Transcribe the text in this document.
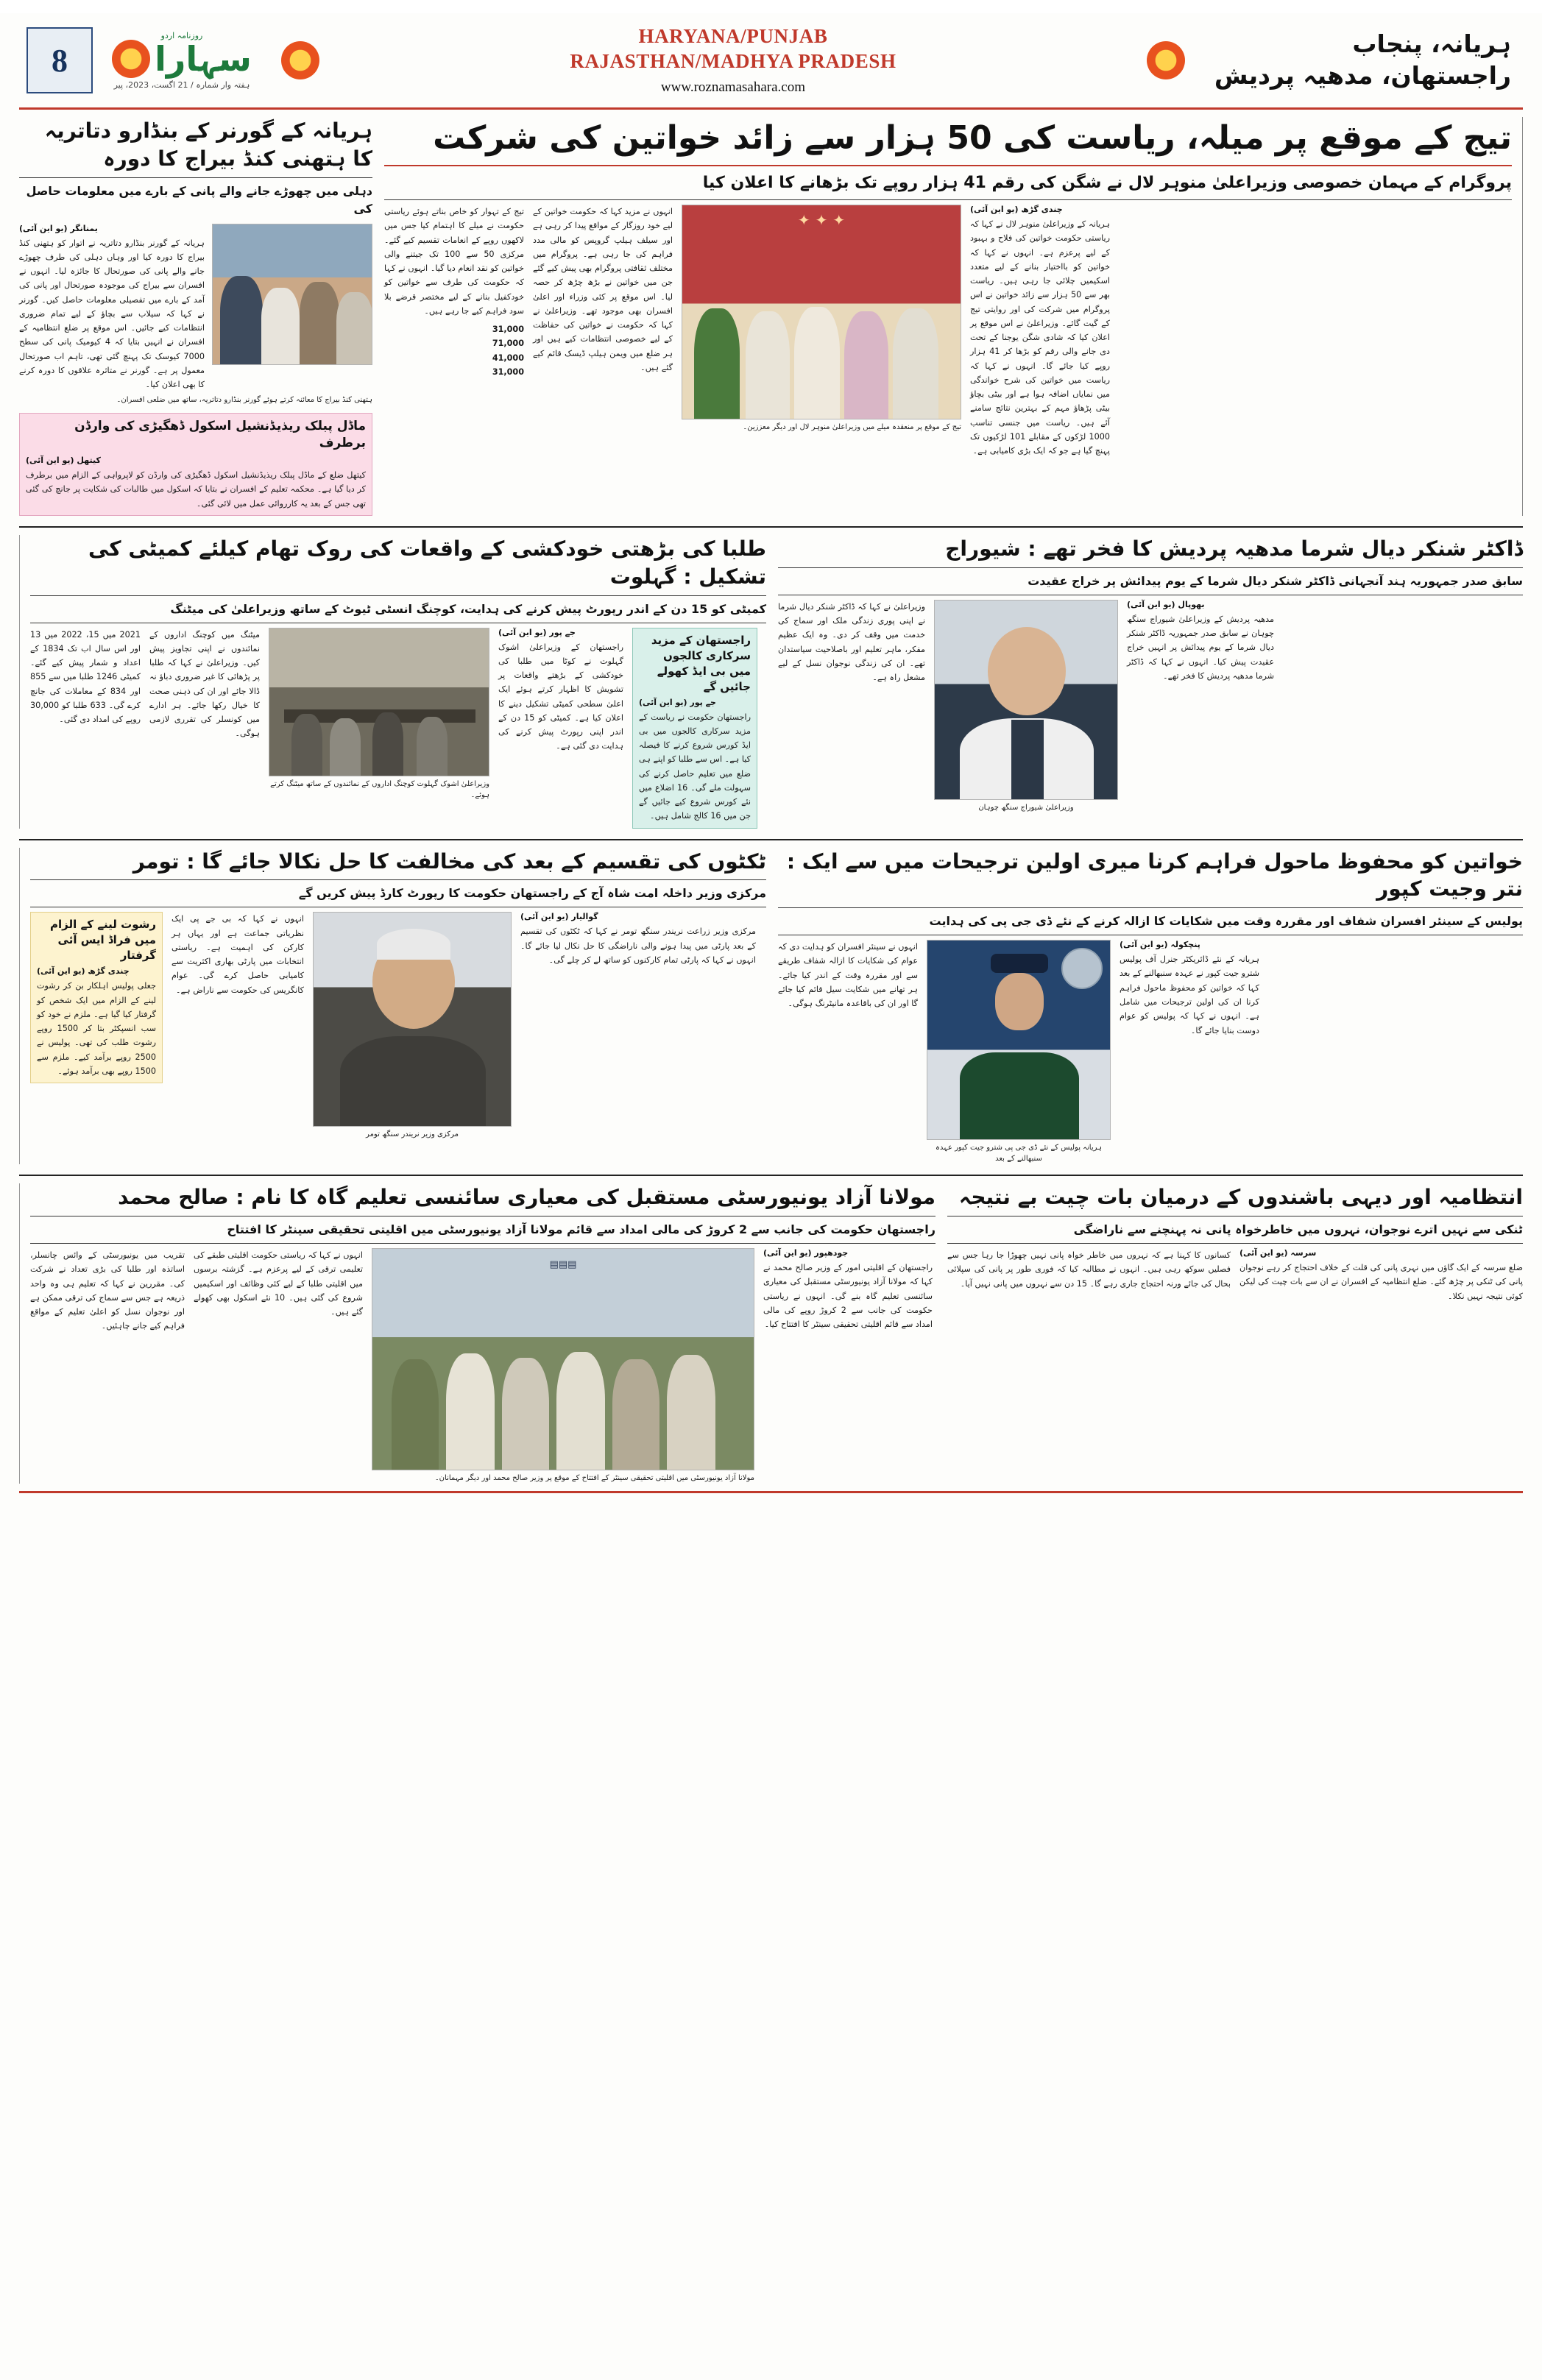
8
روزنامہ اردو
سہارا
ہفتہ وار شمارہ / 21 اگست، 2023، پیر
HARYANA/PUNJAB
RAJASTHAN/MADHYA PRADESH
www.roznamasahara.com
ہریانہ، پنجاب
راجستھان، مدھیہ پردیش
ہریانہ کے گورنر کے بنڈارو دتاتریہ کا ہتھنی کنڈ بیراج کا دورہ
دہلی میں چھوڑے جانے والے پانی کے بارے میں معلومات حاصل کی
یمنانگر (یو این آئی)
ہریانہ کے گورنر بنڈارو دتاتریہ نے اتوار کو ہتھنی کنڈ بیراج کا دورہ کیا اور وہاں دہلی کی طرف چھوڑے جانے والے پانی کی صورتحال کا جائزہ لیا۔ انہوں نے افسران سے بیراج کی موجودہ صورتحال اور پانی کی آمد کے بارے میں تفصیلی معلومات حاصل کیں۔ گورنر نے کہا کہ سیلاب سے بچاؤ کے لیے تمام ضروری انتظامات کیے جائیں۔ اس موقع پر ضلع انتظامیہ کے افسران نے انہیں بتایا کہ 4 کیومیک پانی کی سطح 7000 کیوسک تک پہنچ گئی تھی، تاہم اب صورتحال معمول پر ہے۔ گورنر نے متاثرہ علاقوں کا دورہ کرنے کا بھی اعلان کیا۔
ہتھنی کنڈ بیراج کا معائنہ کرتے ہوئے گورنر بنڈارو دتاتریہ، ساتھ میں ضلعی افسران۔
ماڈل پبلک ریذیڈنشیل اسکول ڈھگیڑی کی وارڈن برطرف
کیتھل (یو این آئی)
کیتھل ضلع کے ماڈل پبلک ریذیڈنشیل اسکول ڈھگیڑی کی وارڈن کو لاپرواہی کے الزام میں برطرف کر دیا گیا ہے۔ محکمہ تعلیم کے افسران نے بتایا کہ اسکول میں طالبات کی شکایت پر جانچ کی گئی تھی جس کے بعد یہ کارروائی عمل میں لائی گئی۔
تیج کے موقع پر میلہ، ریاست کی 50 ہزار سے زائد خواتین کی شرکت
پروگرام کے مہمان خصوصی وزیراعلیٰ منوہر لال نے شگن کی رقم 41 ہزار روپے تک بڑھانے کا اعلان کیا
تیج کے تہوار کو خاص بناتے ہوئے ریاستی حکومت نے میلے کا اہتمام کیا جس میں لاکھوں روپے کے انعامات تقسیم کیے گئے۔ مرکزی 50 سے 100 تک جیتنے والی خواتین کو نقد انعام دیا گیا۔ انہوں نے کہا کہ حکومت کی طرف سے خواتین کو خودکفیل بنانے کے لیے مختصر قرضے بلا سود فراہم کیے جا رہے ہیں۔
31,000
71,000
41,000
31,000
انہوں نے مزید کہا کہ حکومت خواتین کے لیے خود روزگار کے مواقع پیدا کر رہی ہے اور سیلف ہیلپ گروپس کو مالی مدد فراہم کی جا رہی ہے۔ پروگرام میں مختلف ثقافتی پروگرام بھی پیش کیے گئے جن میں خواتین نے بڑھ چڑھ کر حصہ لیا۔ اس موقع پر کئی وزراء اور اعلیٰ افسران بھی موجود تھے۔ وزیراعلیٰ نے کہا کہ حکومت نے خواتین کی حفاظت کے لیے خصوصی انتظامات کیے ہیں اور ہر ضلع میں ویمن ہیلپ ڈیسک قائم کیے گئے ہیں۔
✦ ✦ ✦
تیج کے موقع پر منعقدہ میلے میں وزیراعلیٰ منوہر لال اور دیگر معززین۔
چندی گڑھ (یو این آئی)
ہریانہ کے وزیراعلیٰ منوہر لال نے کہا کہ ریاستی حکومت خواتین کی فلاح و بہبود کے لیے پرعزم ہے۔ انہوں نے کہا کہ خواتین کو بااختیار بنانے کے لیے متعدد اسکیمیں چلائی جا رہی ہیں۔ ریاست بھر سے 50 ہزار سے زائد خواتین نے اس پروگرام میں شرکت کی اور روایتی تیج کے گیت گائے۔ وزیراعلیٰ نے اس موقع پر اعلان کیا کہ شادی شگن یوجنا کے تحت دی جانے والی رقم کو بڑھا کر 41 ہزار روپے کیا جائے گا۔ انہوں نے کہا کہ ریاست میں خواتین کی شرح خواندگی میں نمایاں اضافہ ہوا ہے اور بیٹی بچاؤ بیٹی پڑھاؤ مہم کے بہترین نتائج سامنے آئے ہیں۔ ریاست میں جنسی تناسب 1000 لڑکوں کے مقابلے 101 لڑکیوں تک پہنچ گیا ہے جو کہ ایک بڑی کامیابی ہے۔
طلبا کی بڑھتی خودکشی کے واقعات کی روک تھام کیلئے کمیٹی کی تشکیل : گہلوت
کمیٹی کو 15 دن کے اندر رپورٹ پیش کرنے کی ہدایت، کوچنگ انسٹی ٹیوٹ کے ساتھ وزیراعلیٰ کی میٹنگ
2021 میں 15، 2022 میں 13 اور اس سال اب تک 1834 کے اعداد و شمار پیش کیے گئے۔ کمیٹی 1246 طلبا میں سے 855 اور 834 کے معاملات کی جانچ کرے گی۔ 633 طلبا کو 30,000 روپے کی امداد دی گئی۔
میٹنگ میں کوچنگ اداروں کے نمائندوں نے اپنی تجاویز پیش کیں۔ وزیراعلیٰ نے کہا کہ طلبا پر پڑھائی کا غیر ضروری دباؤ نہ ڈالا جائے اور ان کی ذہنی صحت کا خیال رکھا جائے۔ ہر ادارے میں کونسلر کی تقرری لازمی ہوگی۔
وزیراعلیٰ اشوک گہلوت کوچنگ اداروں کے نمائندوں کے ساتھ میٹنگ کرتے ہوئے۔
جے پور (یو این آئی)
راجستھان کے وزیراعلیٰ اشوک گہلوت نے کوٹا میں طلبا کی خودکشی کے بڑھتے واقعات پر تشویش کا اظہار کرتے ہوئے ایک اعلیٰ سطحی کمیٹی تشکیل دینے کا اعلان کیا ہے۔ کمیٹی کو 15 دن کے اندر اپنی رپورٹ پیش کرنے کی ہدایت دی گئی ہے۔
راجستھان کے مزید سرکاری کالجوں میں بی ایڈ کھولے جائیں گے
جے پور (یو این آئی)
راجستھان حکومت نے ریاست کے مزید سرکاری کالجوں میں بی ایڈ کورس شروع کرنے کا فیصلہ کیا ہے۔ اس سے طلبا کو اپنے ہی ضلع میں تعلیم حاصل کرنے کی سہولت ملے گی۔ 16 اضلاع میں نئے کورس شروع کیے جائیں گے جن میں 16 کالج شامل ہیں۔
ڈاکٹر شنکر دیال شرما مدھیہ پردیش کا فخر تھے : شیوراج
سابق صدر جمہوریہ ہند آنجہانی ڈاکٹر شنکر دیال شرما کے یوم پیدائش پر خراج عقیدت
وزیراعلیٰ نے کہا کہ ڈاکٹر شنکر دیال شرما نے اپنی پوری زندگی ملک اور سماج کی خدمت میں وقف کر دی۔ وہ ایک عظیم مفکر، ماہر تعلیم اور باصلاحیت سیاستدان تھے۔ ان کی زندگی نوجوان نسل کے لیے مشعل راہ ہے۔
وزیراعلیٰ شیوراج سنگھ چوہان
بھوپال (یو این آئی)
مدھیہ پردیش کے وزیراعلیٰ شیوراج سنگھ چوہان نے سابق صدر جمہوریہ ڈاکٹر شنکر دیال شرما کے یوم پیدائش پر انہیں خراج عقیدت پیش کیا۔ انہوں نے کہا کہ ڈاکٹر شرما مدھیہ پردیش کا فخر تھے۔
ٹکٹوں کی تقسیم کے بعد کی مخالفت کا حل نکالا جائے گا : تومر
مرکزی وزیر داخلہ امت شاہ آج کے راجستھان حکومت کا رپورٹ کارڈ پیش کریں گے
رشوت لینے کے الزام میں فراڈ ایس آئی گرفتار
چندی گڑھ (یو این آئی)
جعلی پولیس اہلکار بن کر رشوت لینے کے الزام میں ایک شخص کو گرفتار کیا گیا ہے۔ ملزم نے خود کو سب انسپکٹر بتا کر 1500 روپے رشوت طلب کی تھی۔ پولیس نے 2500 روپے برآمد کیے۔ ملزم سے 1500 روپے بھی برآمد ہوئے۔
انہوں نے کہا کہ بی جے پی ایک نظریاتی جماعت ہے اور یہاں ہر کارکن کی اہمیت ہے۔ ریاستی انتخابات میں پارٹی بھاری اکثریت سے کامیابی حاصل کرے گی۔ عوام کانگریس کی حکومت سے ناراض ہے۔
مرکزی وزیر نریندر سنگھ تومر
گوالیار (یو این آئی)
مرکزی وزیر زراعت نریندر سنگھ تومر نے کہا کہ ٹکٹوں کی تقسیم کے بعد پارٹی میں پیدا ہونے والی ناراضگی کا حل نکال لیا جائے گا۔ انہوں نے کہا کہ پارٹی تمام کارکنوں کو ساتھ لے کر چلے گی۔
خواتین کو محفوظ ماحول فراہم کرنا میری اولین ترجیحات میں سے ایک : نتر وجیت کپور
پولیس کے سینئر افسران شفاف اور مقررہ وقت میں شکایات کا ازالہ کرنے کے نئے ڈی جی پی کی ہدایت
انہوں نے سینئر افسران کو ہدایت دی کہ عوام کی شکایات کا ازالہ شفاف طریقے سے اور مقررہ وقت کے اندر کیا جائے۔ ہر تھانے میں شکایت سیل قائم کیا جائے گا اور ان کی باقاعدہ مانیٹرنگ ہوگی۔
ہریانہ پولیس کے نئے ڈی جی پی شترو جیت کپور عہدہ سنبھالنے کے بعد
پنچکولہ (یو این آئی)
ہریانہ کے نئے ڈائریکٹر جنرل آف پولیس شترو جیت کپور نے عہدہ سنبھالنے کے بعد کہا کہ خواتین کو محفوظ ماحول فراہم کرنا ان کی اولین ترجیحات میں شامل ہے۔ انہوں نے کہا کہ پولیس کو عوام دوست بنایا جائے گا۔
مولانا آزاد یونیورسٹی مستقبل کی معیاری سائنسی تعلیم گاہ کا نام : صالح محمد
راجستھان حکومت کی جانب سے 2 کروڑ کی مالی امداد سے قائم مولانا آزاد یونیورسٹی میں اقلیتی تحقیقی سینٹر کا افتتاح
تقریب میں یونیورسٹی کے وائس چانسلر، اساتذہ اور طلبا کی بڑی تعداد نے شرکت کی۔ مقررین نے کہا کہ تعلیم ہی وہ واحد ذریعہ ہے جس سے سماج کی ترقی ممکن ہے اور نوجوان نسل کو اعلیٰ تعلیم کے مواقع فراہم کیے جانے چاہئیں۔
انہوں نے کہا کہ ریاستی حکومت اقلیتی طبقے کی تعلیمی ترقی کے لیے پرعزم ہے۔ گزشتہ برسوں میں اقلیتی طلبا کے لیے کئی وظائف اور اسکیمیں شروع کی گئی ہیں۔ 10 نئے اسکول بھی کھولے گئے ہیں۔
▤▤▤
مولانا آزاد یونیورسٹی میں اقلیتی تحقیقی سینٹر کے افتتاح کے موقع پر وزیر صالح محمد اور دیگر مہمانان۔
جودھپور (یو این آئی)
راجستھان کے اقلیتی امور کے وزیر صالح محمد نے کہا کہ مولانا آزاد یونیورسٹی مستقبل کی معیاری سائنسی تعلیم گاہ بنے گی۔ انہوں نے ریاستی حکومت کی جانب سے 2 کروڑ روپے کی مالی امداد سے قائم اقلیتی تحقیقی سینٹر کا افتتاح کیا۔
انتظامیہ اور دیہی باشندوں کے درمیان بات چیت بے نتیجہ
ٹنکی سے نہیں اترے نوجوان، نہروں میں خاطرخواہ پانی نہ پہنچنے سے ناراضگی
کسانوں کا کہنا ہے کہ نہروں میں خاطر خواہ پانی نہیں چھوڑا جا رہا جس سے فصلیں سوکھ رہی ہیں۔ انہوں نے مطالبہ کیا کہ فوری طور پر پانی کی سپلائی بحال کی جائے ورنہ احتجاج جاری رہے گا۔ 15 دن سے نہروں میں پانی نہیں آیا۔
سرسہ (یو این آئی)
ضلع سرسہ کے ایک گاؤں میں نہری پانی کی قلت کے خلاف احتجاج کر رہے نوجوان پانی کی ٹنکی پر چڑھ گئے۔ ضلع انتظامیہ کے افسران نے ان سے بات چیت کی لیکن کوئی نتیجہ نہیں نکلا۔
